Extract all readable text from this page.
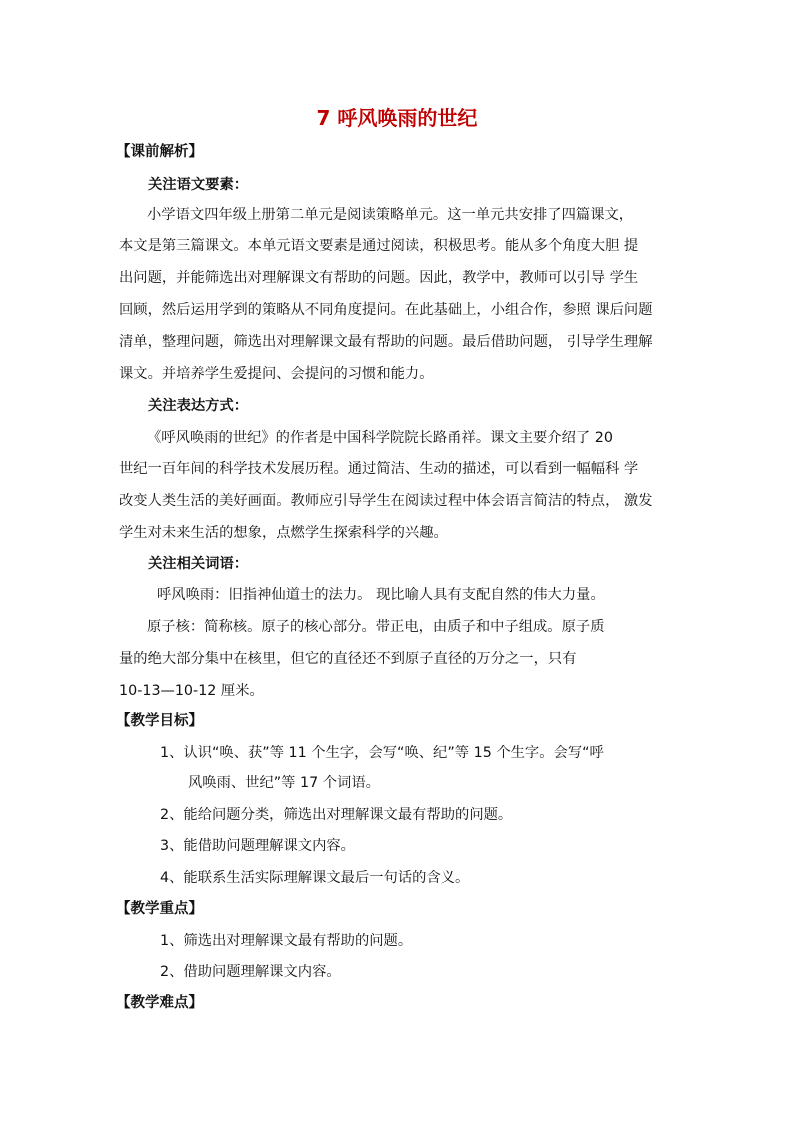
7 呼风唤雨的世纪
【课前解析】
关注语文要素：
小学语文四年级上册第二单元是阅读策略单元。这一单元共安排了四篇课文，
本文是第三篇课文。本单元语文要素是通过阅读，积极思考。能从多个角度大胆 提
出问题，并能筛选出对理解课文有帮助的问题。因此，教学中，教师可以引导 学生
回顾，然后运用学到的策略从不同角度提问。在此基础上，小组合作，参照 课后问题
清单，整理问题，筛选出对理解课文最有帮助的问题。最后借助问题， 引导学生理解
课文。并培养学生爱提问、会提问的习惯和能力。
关注表达方式：
《呼风唤雨的世纪》的作者是中国科学院院长路甬祥。课文主要介绍了 20
世纪一百年间的科学技术发展历程。通过简洁、生动的描述，可以看到一幅幅科 学
改变人类生活的美好画面。教师应引导学生在阅读过程中体会语言简洁的特点， 激发
学生对未来生活的想象，点燃学生探索科学的兴趣。
关注相关词语：
呼风唤雨：旧指神仙道士的法力。 现比喻人具有支配自然的伟大力量。
原子核：简称核。原子的核心部分。带正电，由质子和中子组成。原子质
量的绝大部分集中在核里，但它的直径还不到原子直径的万分之一，只有
10-13—10-12 厘米。
【教学目标】
1、认识“唤、获”等 11 个生字，会写“唤、纪”等 15 个生字。会写“呼
风唤雨、世纪”等 17 个词语。
2、能给问题分类，筛选出对理解课文最有帮助的问题。
3、能借助问题理解课文内容。
4、能联系生活实际理解课文最后一句话的含义。
【教学重点】
1、筛选出对理解课文最有帮助的问题。
2、借助问题理解课文内容。
【教学难点】
